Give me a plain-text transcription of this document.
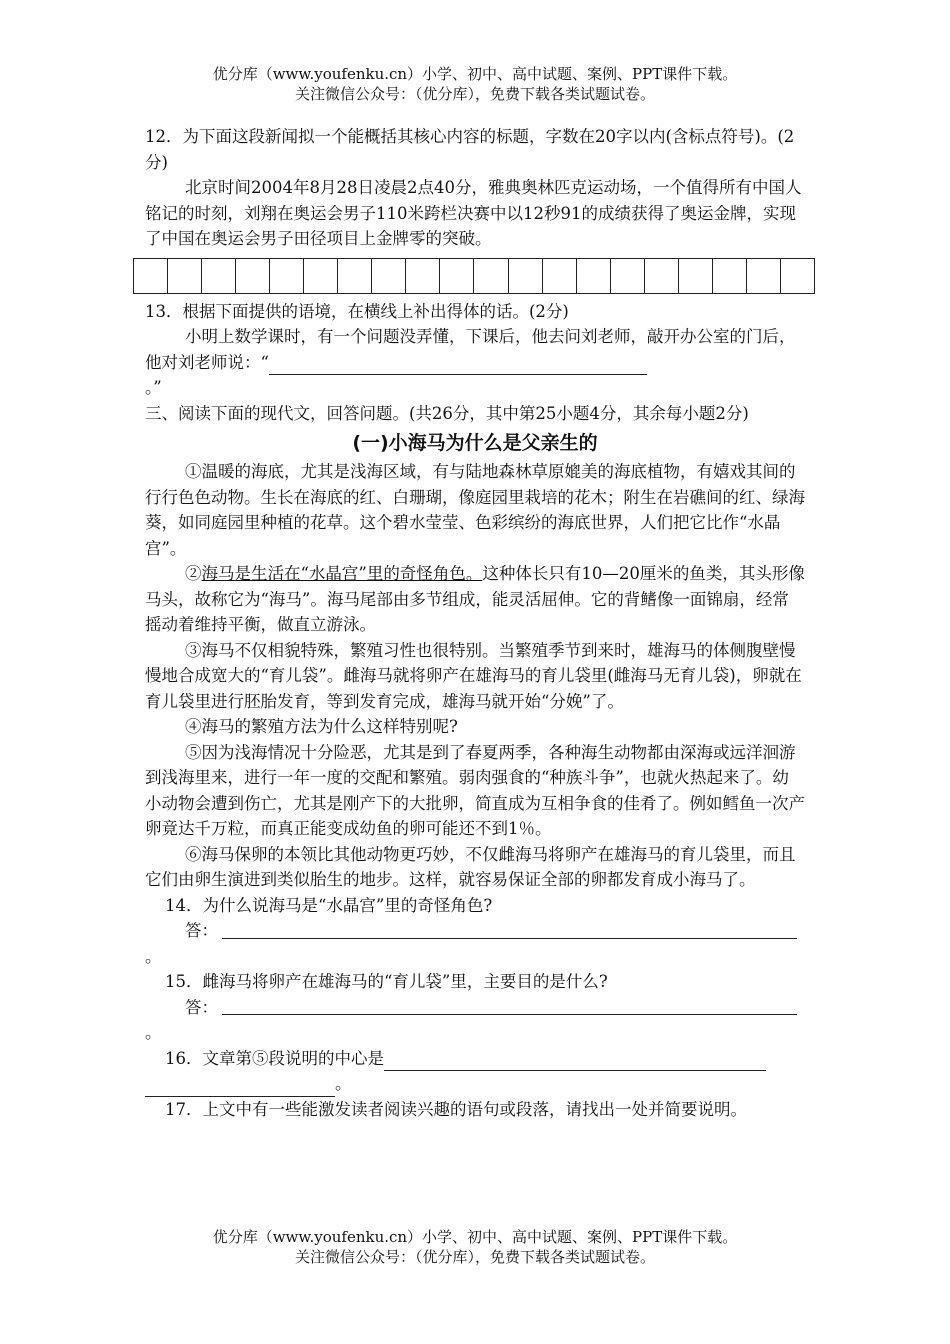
优分库（www.youfenku.cn）小学、初中、高中试题、案例、PPT课件下载。
关注微信公众号：（优分库），免费下载各类试题试卷。

12．为下面这段新闻拟一个能概括其核心内容的标题，字数在20字以内(含标点符号)。(2分)

北京时间2004年8月28日凌晨2点40分，雅典奥林匹克运动场，一个值得所有中国人铭记的时刻，刘翔在奥运会男子110米跨栏决赛中以12秒91的成绩获得了奥运金牌，实现了中国在奥运会男子田径项目上金牌零的突破。

13．根据下面提供的语境，在横线上补出得体的话。(2分)

小明上数学课时，有一个问题没弄懂，下课后，他去问刘老师，敲开办公室的门后，他对刘老师说：“

。”

三、阅读下面的现代文，回答问题。(共26分，其中第25小题4分，其余每小题2分)

(一)小海马为什么是父亲生的

①温暖的海底，尤其是浅海区域，有与陆地森林草原媲美的海底植物，有嬉戏其间的行行色色动物。生长在海底的红、白珊瑚，像庭园里栽培的花木；附生在岩礁间的红、绿海葵，如同庭园里种植的花草。这个碧水莹莹、色彩缤纷的海底世界，人们把它比作“水晶宫”。

②海马是生活在“水晶宫”里的奇怪角色。这种体长只有10—20厘米的鱼类，其头形像马头，故称它为“海马”。海马尾部由多节组成，能灵活屈伸。它的背鳍像一面锦扇，经常摇动着维持平衡，做直立游泳。

③海马不仅相貌特殊，繁殖习性也很特别。当繁殖季节到来时，雄海马的体侧腹壁慢慢地合成宽大的“育儿袋”。雌海马就将卵产在雄海马的育儿袋里(雌海马无育儿袋)，卵就在育儿袋里进行胚胎发育，等到发育完成，雄海马就开始“分娩”了。

④海马的繁殖方法为什么这样特别呢?

⑤因为浅海情况十分险恶，尤其是到了春夏两季，各种海生动物都由深海或远洋洄游到浅海里来，进行一年一度的交配和繁殖。弱肉强食的“种族斗争”，也就火热起来了。幼小动物会遭到伤亡，尤其是刚产下的大批卵，简直成为互相争食的佳肴了。例如鳕鱼一次产卵竟达千万粒，而真正能变成幼鱼的卵可能还不到1％。

⑥海马保卵的本领比其他动物更巧妙，不仅雌海马将卵产在雄海马的育儿袋里，而且它们由卵生演进到类似胎生的地步。这样，就容易保证全部的卵都发育成小海马了。

14．为什么说海马是“水晶宫”里的奇怪角色?

答：

。

15．雌海马将卵产在雄海马的“育儿袋”里，主要目的是什么?

答：

。

16．文章第⑤段说明的中心是

。

17．上文中有一些能激发读者阅读兴趣的语句或段落，请找出一处并简要说明。

优分库（www.youfenku.cn）小学、初中、高中试题、案例、PPT课件下载。
关注微信公众号：（优分库），免费下载各类试题试卷。
